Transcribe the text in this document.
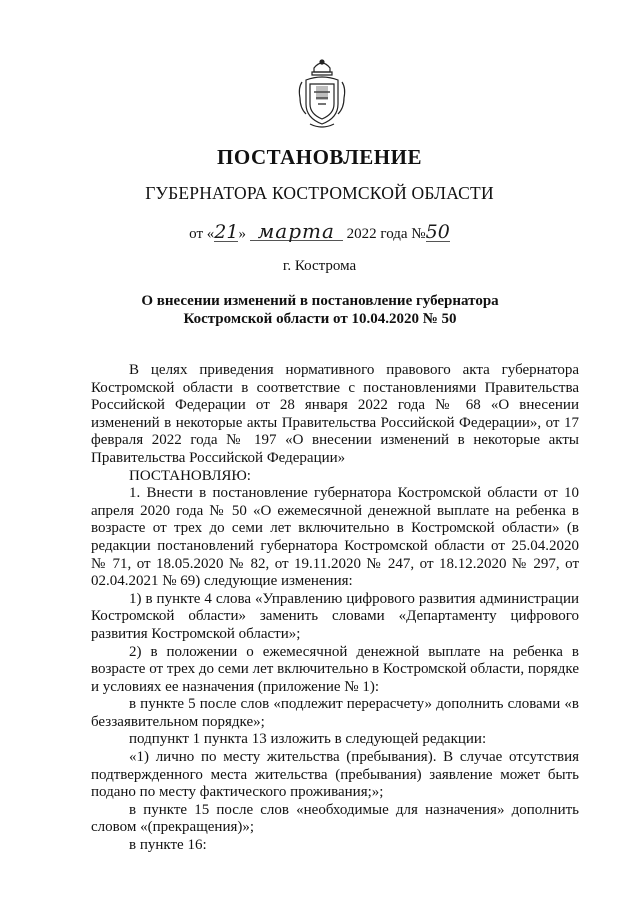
ПОСТАНОВЛЕНИЕ
ГУБЕРНАТОРА КОСТРОМСКОЙ ОБЛАСТИ
от «21» марта 2022 года №50
г. Кострома
О внесении изменений в постановление губернатора
Костромской области от 10.04.2020 № 50

В целях приведения нормативного правового акта губернатора Костромской области в соответствие с постановлениями Правительства Российской Федерации от 28 января 2022 года № 68 «О внесении изменений в некоторые акты Правительства Российской Федерации», от 17 февраля 2022 года № 197 «О внесении изменений в некоторые акты Правительства Российской Федерации»

ПОСТАНОВЛЯЮ:

1. Внести в постановление губернатора Костромской области от 10 апреля 2020 года № 50 «О ежемесячной денежной выплате на ребенка в возрасте от трех до семи лет включительно в Костромской области» (в редакции постановлений губернатора Костромской области от 25.04.2020 № 71, от 18.05.2020 № 82, от 19.11.2020 № 247, от 18.12.2020 № 297, от 02.04.2021 № 69) следующие изменения:

1) в пункте 4 слова «Управлению цифрового развития администрации Костромской области» заменить словами «Департаменту цифрового развития Костромской области»;

2) в положении о ежемесячной денежной выплате на ребенка в возрасте от трех до семи лет включительно в Костромской области, порядке и условиях ее назначения (приложение № 1):

в пункте 5 после слов «подлежит перерасчету» дополнить словами «в беззаявительном порядке»;

подпункт 1 пункта 13 изложить в следующей редакции:

«1) лично по месту жительства (пребывания). В случае отсутствия подтвержденного места жительства (пребывания) заявление может быть подано по месту фактического проживания;»;

в пункте 15 после слов «необходимые для назначения» дополнить словом «(прекращения)»;

в пункте 16:
